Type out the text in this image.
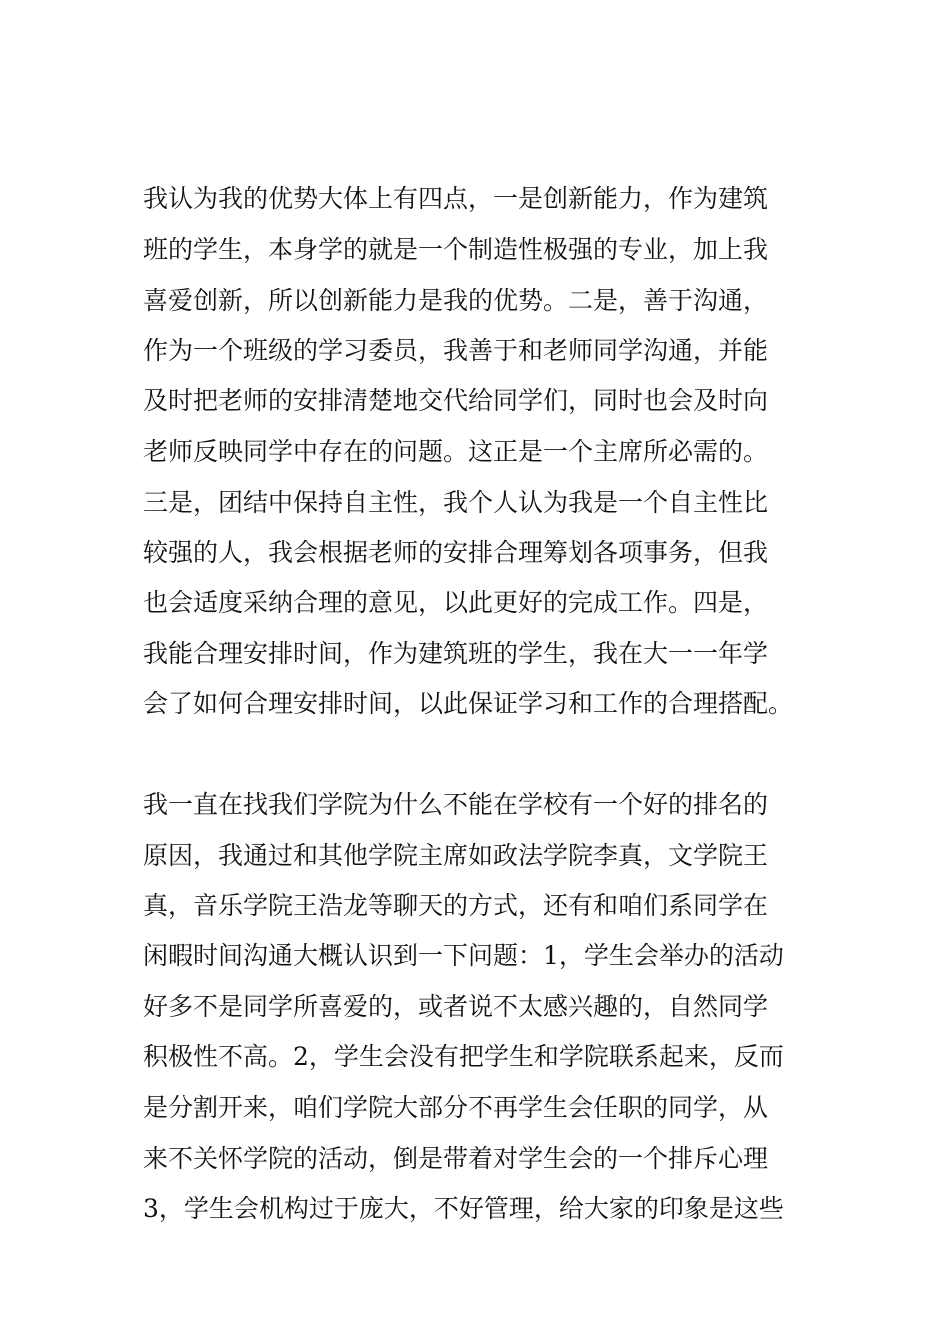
我认为我的优势大体上有四点，一是创新能力，作为建筑
班的学生，本身学的就是一个制造性极强的专业，加上我
喜爱创新，所以创新能力是我的优势。二是，善于沟通，
作为一个班级的学习委员，我善于和老师同学沟通，并能
及时把老师的安排清楚地交代给同学们，同时也会及时向
老师反映同学中存在的问题。这正是一个主席所必需的。
三是，团结中保持自主性，我个人认为我是一个自主性比
较强的人，我会根据老师的安排合理筹划各项事务，但我
也会适度采纳合理的意见，以此更好的完成工作。四是，
我能合理安排时间，作为建筑班的学生，我在大一一年学
会了如何合理安排时间，以此保证学习和工作的合理搭配。
我一直在找我们学院为什么不能在学校有一个好的排名的
原因，我通过和其他学院主席如政法学院李真，文学院王
真，音乐学院王浩龙等聊天的方式，还有和咱们系同学在
闲暇时间沟通大概认识到一下问题：1，学生会举办的活动
好多不是同学所喜爱的，或者说不太感兴趣的，自然同学
积极性不高。2，学生会没有把学生和学院联系起来，反而
是分割开来，咱们学院大部分不再学生会任职的同学，从
来不关怀学院的活动，倒是带着对学生会的一个排斥心理
3，学生会机构过于庞大，不好管理，给大家的印象是这些
